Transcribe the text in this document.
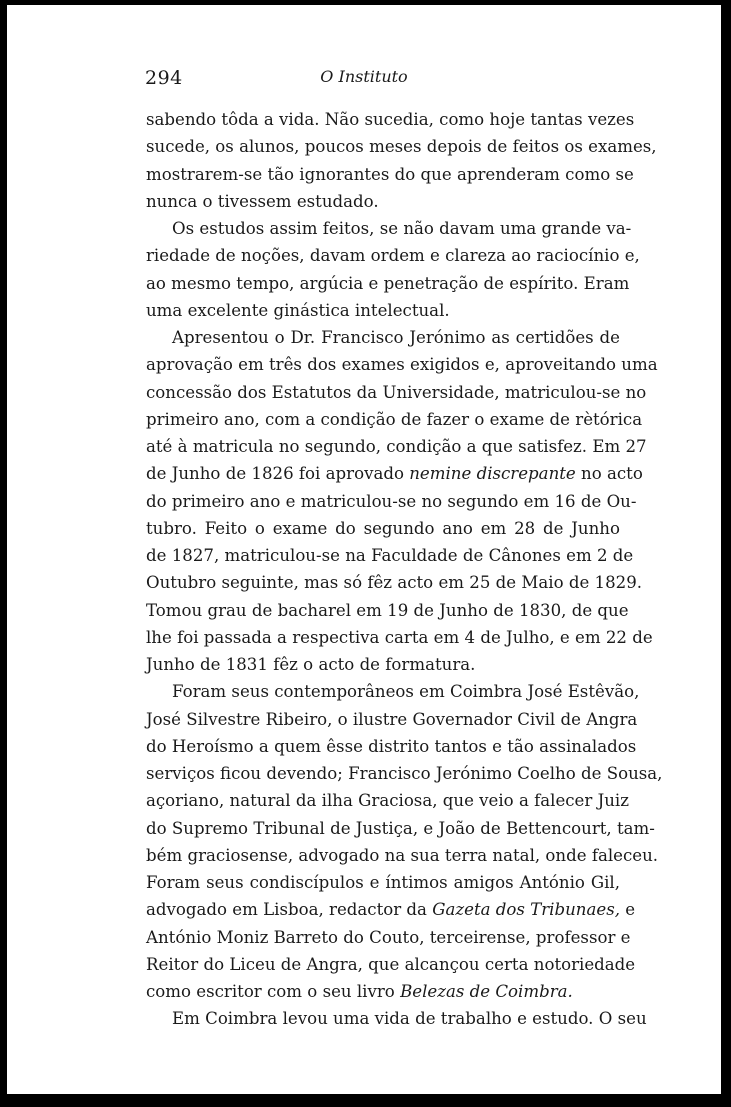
294	O Instituto
sabendo tôda a vida. Não sucedia, como hoje tantas vezes
sucede, os alunos, poucos meses depois de feitos os exames,
mostrarem-se tão ignorantes do que aprenderam como se
nunca o tivessem estudado.
Os estudos assim feitos, se não davam uma grande va-
riedade de noções, davam ordem e clareza ao raciocínio e,
ao mesmo tempo, argúcia e penetração de espírito. Eram
uma excelente ginástica intelectual.
Apresentou o Dr. Francisco Jerónimo as certidões de
aprovação em três dos exames exigidos e, aproveitando uma
concessão dos Estatutos da Universidade, matriculou-se no
primeiro ano, com a condição de fazer o exame de rètórica
até à matricula no segundo, condição a que satisfez. Em 27
de Junho de 1826 foi aprovado nemine discrepante no acto
do primeiro ano e matriculou-se no segundo em 16 de Ou-
tubro. Feito o exame do segundo ano em 28 de Junho
de 1827, matriculou-se na Faculdade de Cânones em 2 de
Outubro seguinte, mas só fêz acto em 25 de Maio de 1829.
Tomou grau de bacharel em 19 de Junho de 1830, de que
lhe foi passada a respectiva carta em 4 de Julho, e em 22 de
Junho de 1831 fêz o acto de formatura.
Foram seus contemporâneos em Coimbra José Estêvão,
José Silvestre Ribeiro, o ilustre Governador Civil de Angra
do Heroísmo a quem êsse distrito tantos e tão assinalados
serviços ficou devendo; Francisco Jerónimo Coelho de Sousa,
açoriano, natural da ilha Graciosa, que veio a falecer Juiz
do Supremo Tribunal de Justiça, e João de Bettencourt, tam-
bém graciosense, advogado na sua terra natal, onde faleceu.
Foram seus condiscípulos e íntimos amigos António Gil,
advogado em Lisboa, redactor da Gazeta dos Tribunaes, e
António Moniz Barreto do Couto, terceirense, professor e
Reitor do Liceu de Angra, que alcançou certa notoriedade
como escritor com o seu livro Belezas de Coimbra.
Em Coimbra levou uma vida de trabalho e estudo. O seu
